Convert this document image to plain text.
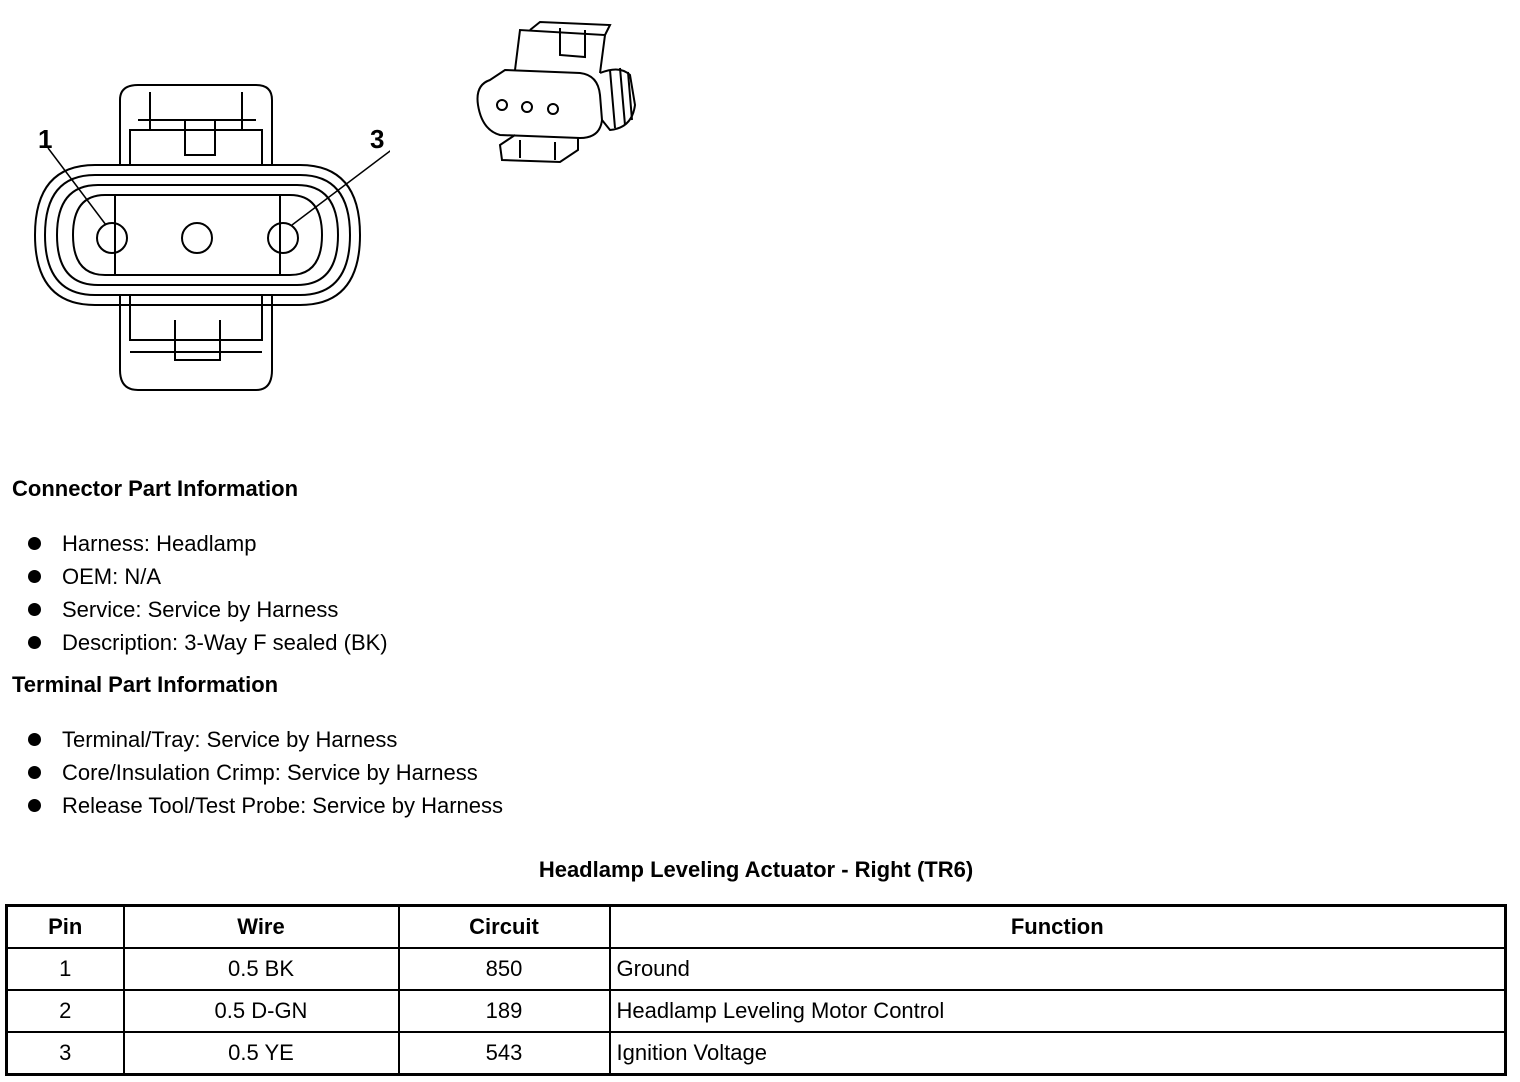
1	3
Connector Part Information
Harness: Headlamp
OEM: N/A
Service: Service by Harness
Description: 3-Way F sealed (BK)
Terminal Part Information
Terminal/Tray: Service by Harness
Core/Insulation Crimp: Service by Harness
Release Tool/Test Probe: Service by Harness
Headlamp Leveling Actuator - Right (TR6)
Pin	Wire	Circuit	Function
1	0.5 BK	850	Ground
2	0.5 D-GN	189	Headlamp Leveling Motor Control
3	0.5 YE	543	Ignition Voltage
